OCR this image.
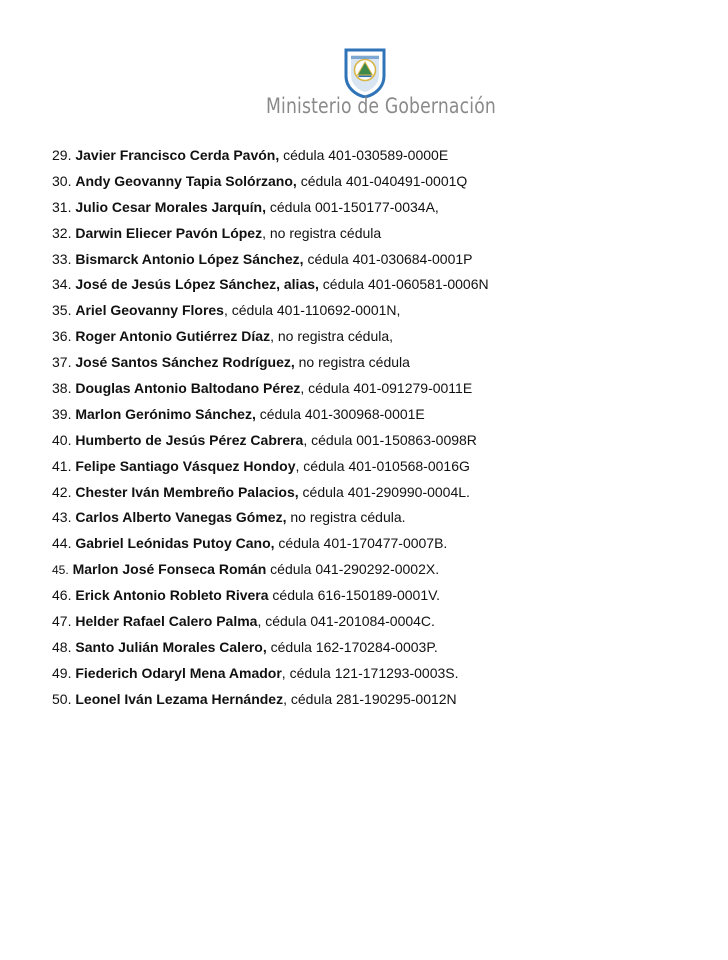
Ministerio de Gobernación
29. Javier Francisco Cerda Pavón, cédula 401-030589-0000E
30. Andy Geovanny Tapia Solórzano, cédula 401-040491-0001Q
31. Julio Cesar Morales Jarquín, cédula 001-150177-0034A,
32. Darwin Eliecer Pavón López, no registra cédula
33. Bismarck Antonio López Sánchez, cédula 401-030684-0001P
34. José de Jesús López Sánchez, alias, cédula 401-060581-0006N
35. Ariel Geovanny Flores, cédula 401-110692-0001N,
36. Roger Antonio Gutiérrez Díaz, no registra cédula,
37. José Santos Sánchez Rodríguez, no registra cédula
38. Douglas Antonio Baltodano Pérez, cédula 401-091279-0011E
39. Marlon Gerónimo Sánchez, cédula 401-300968-0001E
40. Humberto de Jesús Pérez Cabrera, cédula 001-150863-0098R
41. Felipe Santiago Vásquez Hondoy, cédula 401-010568-0016G
42. Chester Iván Membreño Palacios, cédula 401-290990-0004L.
43. Carlos Alberto Vanegas Gómez, no registra cédula.
44. Gabriel Leónidas Putoy Cano, cédula 401-170477-0007B.
45. Marlon José Fonseca Román cédula 041-290292-0002X.
46. Erick Antonio Robleto Rivera cédula 616-150189-0001V.
47. Helder Rafael Calero Palma, cédula 041-201084-0004C.
48. Santo Julián Morales Calero, cédula 162-170284-0003P.
49. Fiederich Odaryl Mena Amador, cédula 121-171293-0003S.
50. Leonel Iván Lezama Hernández, cédula 281-190295-0012N
